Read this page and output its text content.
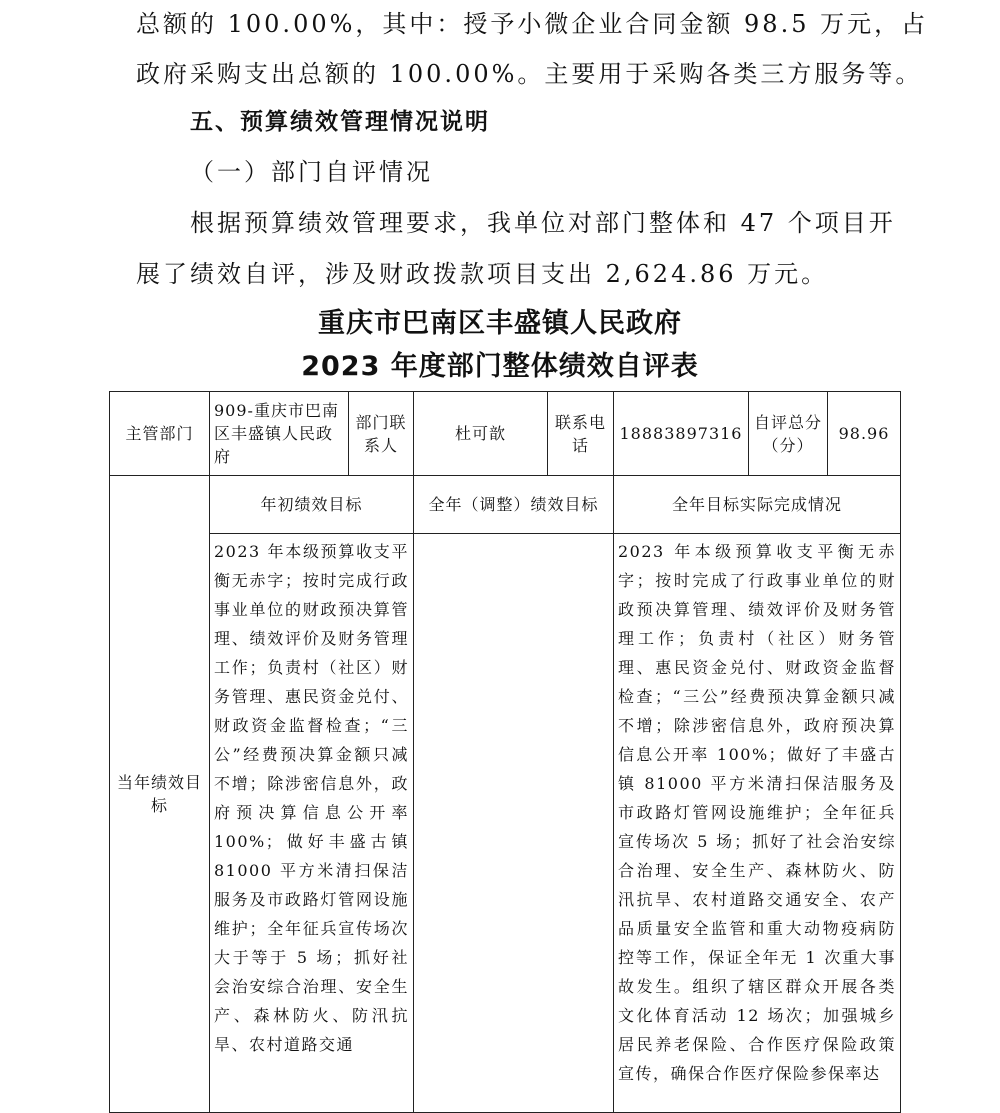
总额的 100.00%，其中：授予小微企业合同金额 98.5 万元，占
政府采购支出总额的 100.00%。主要用于采购各类三方服务等。
五、预算绩效管理情况说明
（一）部门自评情况
根据预算绩效管理要求，我单位对部门整体和 47 个项目开
展了绩效自评，涉及财政拨款项目支出 2,624.86 万元。
重庆市巴南区丰盛镇人民政府
2023 年度部门整体绩效自评表
主管部门	909-重庆市巴南区丰盛镇人民政府	部门联系人	杜可歆	联系电话	18883897316	自评总分（分）	98.96
当年绩效目标	年初绩效目标		全年（调整）绩效目标		全年目标实际完成情况		

	2023 年本级预算收支平衡无赤字；按时完成行政事业单位的财政预决算管理、绩效评价及财务管理工作；负责村（社区）财务管理、惠民资金兑付、财政资金监督检查；“三公”经费预决算金额只减不增；除涉密信息外，政府预决算信息公开率 100%；做好丰盛古镇 81000 平方米清扫保洁服务及市政路灯管网设施维护；全年征兵宣传场次大于等于 5 场；抓好社会治安综合治理、安全生产、森林防火、防汛抗旱、农村道路交通				2023 年本级预算收支平衡无赤字；按时完成了行政事业单位的财政预决算管理、绩效评价及财务管理工作；负责村（社区）财务管理、惠民资金兑付、财政资金监督检查；“三公”经费预决算金额只减不增；除涉密信息外，政府预决算信息公开率 100%；做好了丰盛古镇 81000 平方米清扫保洁服务及市政路灯管网设施维护；全年征兵宣传场次 5 场；抓好了社会治安综合治理、安全生产、森林防火、防汛抗旱、农村道路交通安全、农产品质量安全监管和重大动物疫病防控等工作，保证全年无 1 次重大事故发生。组织了辖区群众开展各类文化体育活动 12 场次；加强城乡居民养老保险、合作医疗保险政策宣传，确保合作医疗保险参保率达		
